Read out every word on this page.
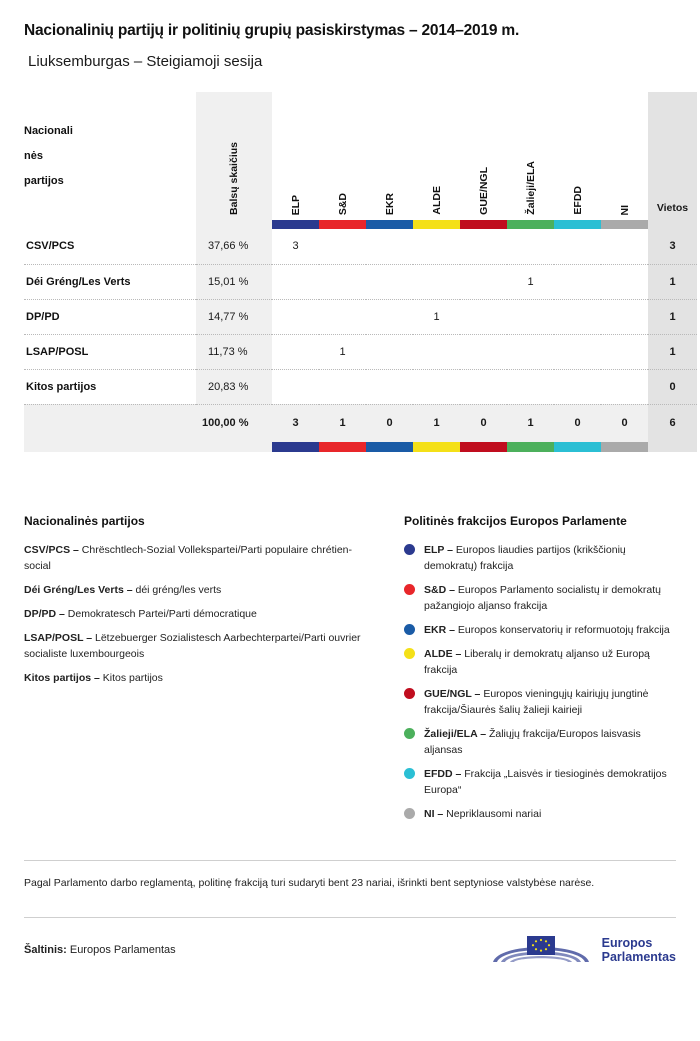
Nacionalinių partijų ir politinių grupių pasiskirstymas – 2014–2019 m.
Liuksemburgas – Steigiamoji sesija
Nacionali
nės
partijos	Balsų skaičius	ELP	S&D	EKR	ALDE	GUE/NGL	Žalieji/ELA	EFDD	NI	Vietos

CSV/PCS	37,66 %	3								3
Déi Gréng/Les Verts	15,01 %						1			1
DP/PD	14,77 %				1					1
LSAP/POSL	11,73 %		1							1
Kitos partijos	20,83 %									0
	100,00 %	3	1	0	1	0	1	0	0	6

Nacionalinės partijos
CSV/PCS – Chrëschtlech-Sozial Vollekspartei/Parti populaire chrétien-social
Déi Gréng/Les Verts – déi gréng/les verts
DP/PD – Demokratesch Partei/Parti démocratique
LSAP/POSL – Lëtzebuerger Sozialistesch Aarbechterpartei/Parti ouvrier socialiste luxembourgeois
Kitos partijos – Kitos partijos
Politinės frakcijos Europos Parlamente
ELP – Europos liaudies partijos (krikščionių demokratų) frakcija
S&D – Europos Parlamento socialistų ir demokratų pažangiojo aljanso frakcija
EKR – Europos konservatorių ir reformuotojų frakcija
ALDE – Liberalų ir demokratų aljanso už Europą frakcija
GUE/NGL – Europos vieningųjų kairiųjų jungtinė frakcija/Šiaurės šalių žalieji kairieji
Žalieji/ELA – Žaliųjų frakcija/Europos laisvasis aljansas
EFDD – Frakcija „Laisvės ir tiesioginės demokratijos Europa“
NI – Nepriklausomi nariai
Pagal Parlamento darbo reglamentą, politinę frakciją turi sudaryti bent 23 nariai, išrinkti bent septyniose valstybėse narėse.
Šaltinis: Europos Parlamentas	Europos
Parlamentas
